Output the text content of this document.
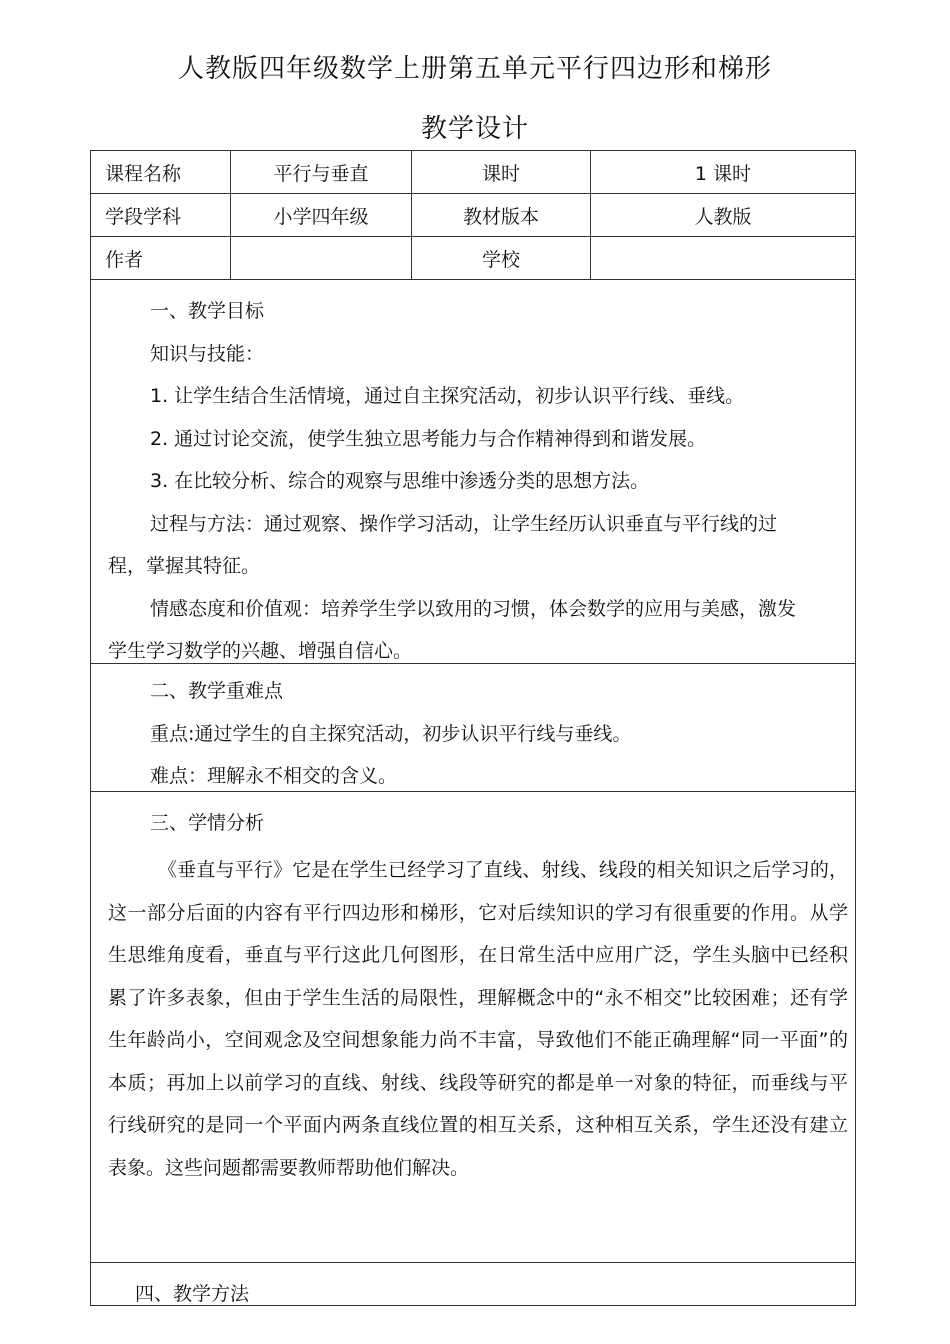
人教版四年级数学上册第五单元平行四边形和梯形
教学设计
课程名称	平行与垂直	课时	1 课时
学段学科	小学四年级	教材版本	人教版
作者		学校	
一、教学目标
知识与技能：
1. 让学生结合生活情境，通过自主探究活动，初步认识平行线、垂线。
2. 通过讨论交流，使学生独立思考能力与合作精神得到和谐发展。
3. 在比较分析、综合的观察与思维中渗透分类的思想方法。
过程与方法：通过观察、操作学习活动，让学生经历认识垂直与平行线的过
程，掌握其特征。
情感态度和价值观：培养学生学以致用的习惯，体会数学的应用与美感，激发
学生学习数学的兴趣、增强自信心。
二、教学重难点
重点:通过学生的自主探究活动，初步认识平行线与垂线。
难点：理解永不相交的含义。
三、学情分析

《垂直与平行》它是在学生已经学习了直线、射线、线段的相关知识之后学习的，这一部分后面的内容有平行四边形和梯形，它对后续知识的学习有很重要的作用。从学生思维角度看，垂直与平行这此几何图形，在日常生活中应用广泛，学生头脑中已经积累了许多表象，但由于学生生活的局限性，理解概念中的“永不相交”比较困难；还有学生年龄尚小，空间观念及空间想象能力尚不丰富，导致他们不能正确理解“同一平面”的本质；再加上以前学习的直线、射线、线段等研究的都是单一对象的特征，而垂线与平行线研究的是同一个平面内两条直线位置的相互关系，这种相互关系，学生还没有建立表象。这些问题都需要教师帮助他们解决。

四、教学方法
